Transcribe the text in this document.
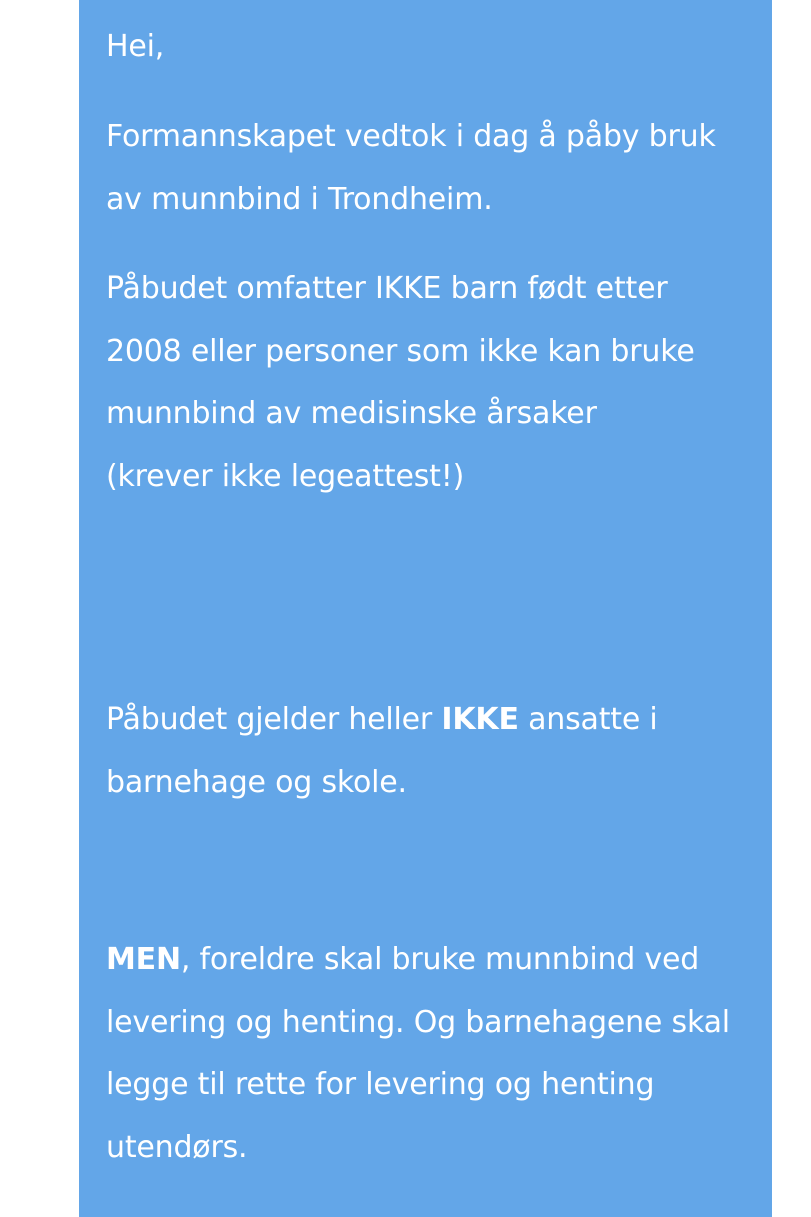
Hei,

Formannskapet vedtok i dag å påby bruk av munnbind i Trondheim.

Påbudet omfatter IKKE barn født etter 2008 eller personer som ikke kan bruke munnbind av medisinske årsaker (krever ikke legeattest!)

Påbudet gjelder heller IKKE ansatte i barnehage og skole.

MEN, foreldre skal bruke munnbind ved levering og henting. Og barnehagene skal legge til rette for levering og henting utendørs.
